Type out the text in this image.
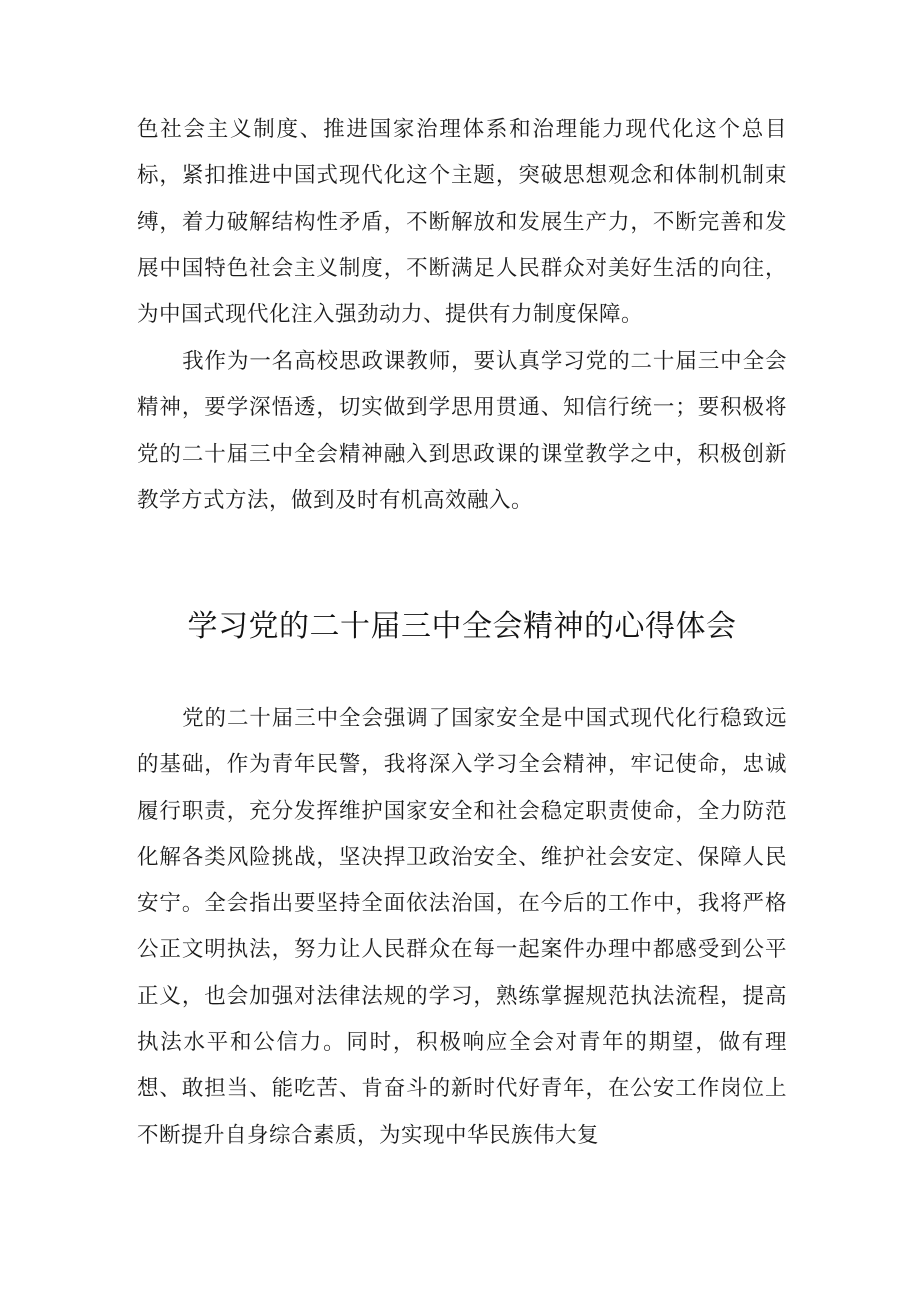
色社会主义制度、推进国家治理体系和治理能力现代化这个总目标，紧扣推进中国式现代化这个主题，突破思想观念和体制机制束缚，着力破解结构性矛盾，不断解放和发展生产力，不断完善和发展中国特色社会主义制度，不断满足人民群众对美好生活的向往，为中国式现代化注入强劲动力、提供有力制度保障。

我作为一名高校思政课教师，要认真学习党的二十届三中全会精神，要学深悟透，切实做到学思用贯通、知信行统一；要积极将党的二十届三中全会精神融入到思政课的课堂教学之中，积极创新教学方式方法，做到及时有机高效融入。

学习党的二十届三中全会精神的心得体会

党的二十届三中全会强调了国家安全是中国式现代化行稳致远的基础，作为青年民警，我将深入学习全会精神，牢记使命，忠诚履行职责，充分发挥维护国家安全和社会稳定职责使命，全力防范化解各类风险挑战，坚决捍卫政治安全、维护社会安定、保障人民安宁。全会指出要坚持全面依法治国，在今后的工作中，我将严格公正文明执法，努力让人民群众在每一起案件办理中都感受到公平正义，也会加强对法律法规的学习，熟练掌握规范执法流程，提高执法水平和公信力。同时，积极响应全会对青年的期望，做有理想、敢担当、能吃苦、肯奋斗的新时代好青年，在公安工作岗位上不断提升自身综合素质，为实现中华民族伟大复
